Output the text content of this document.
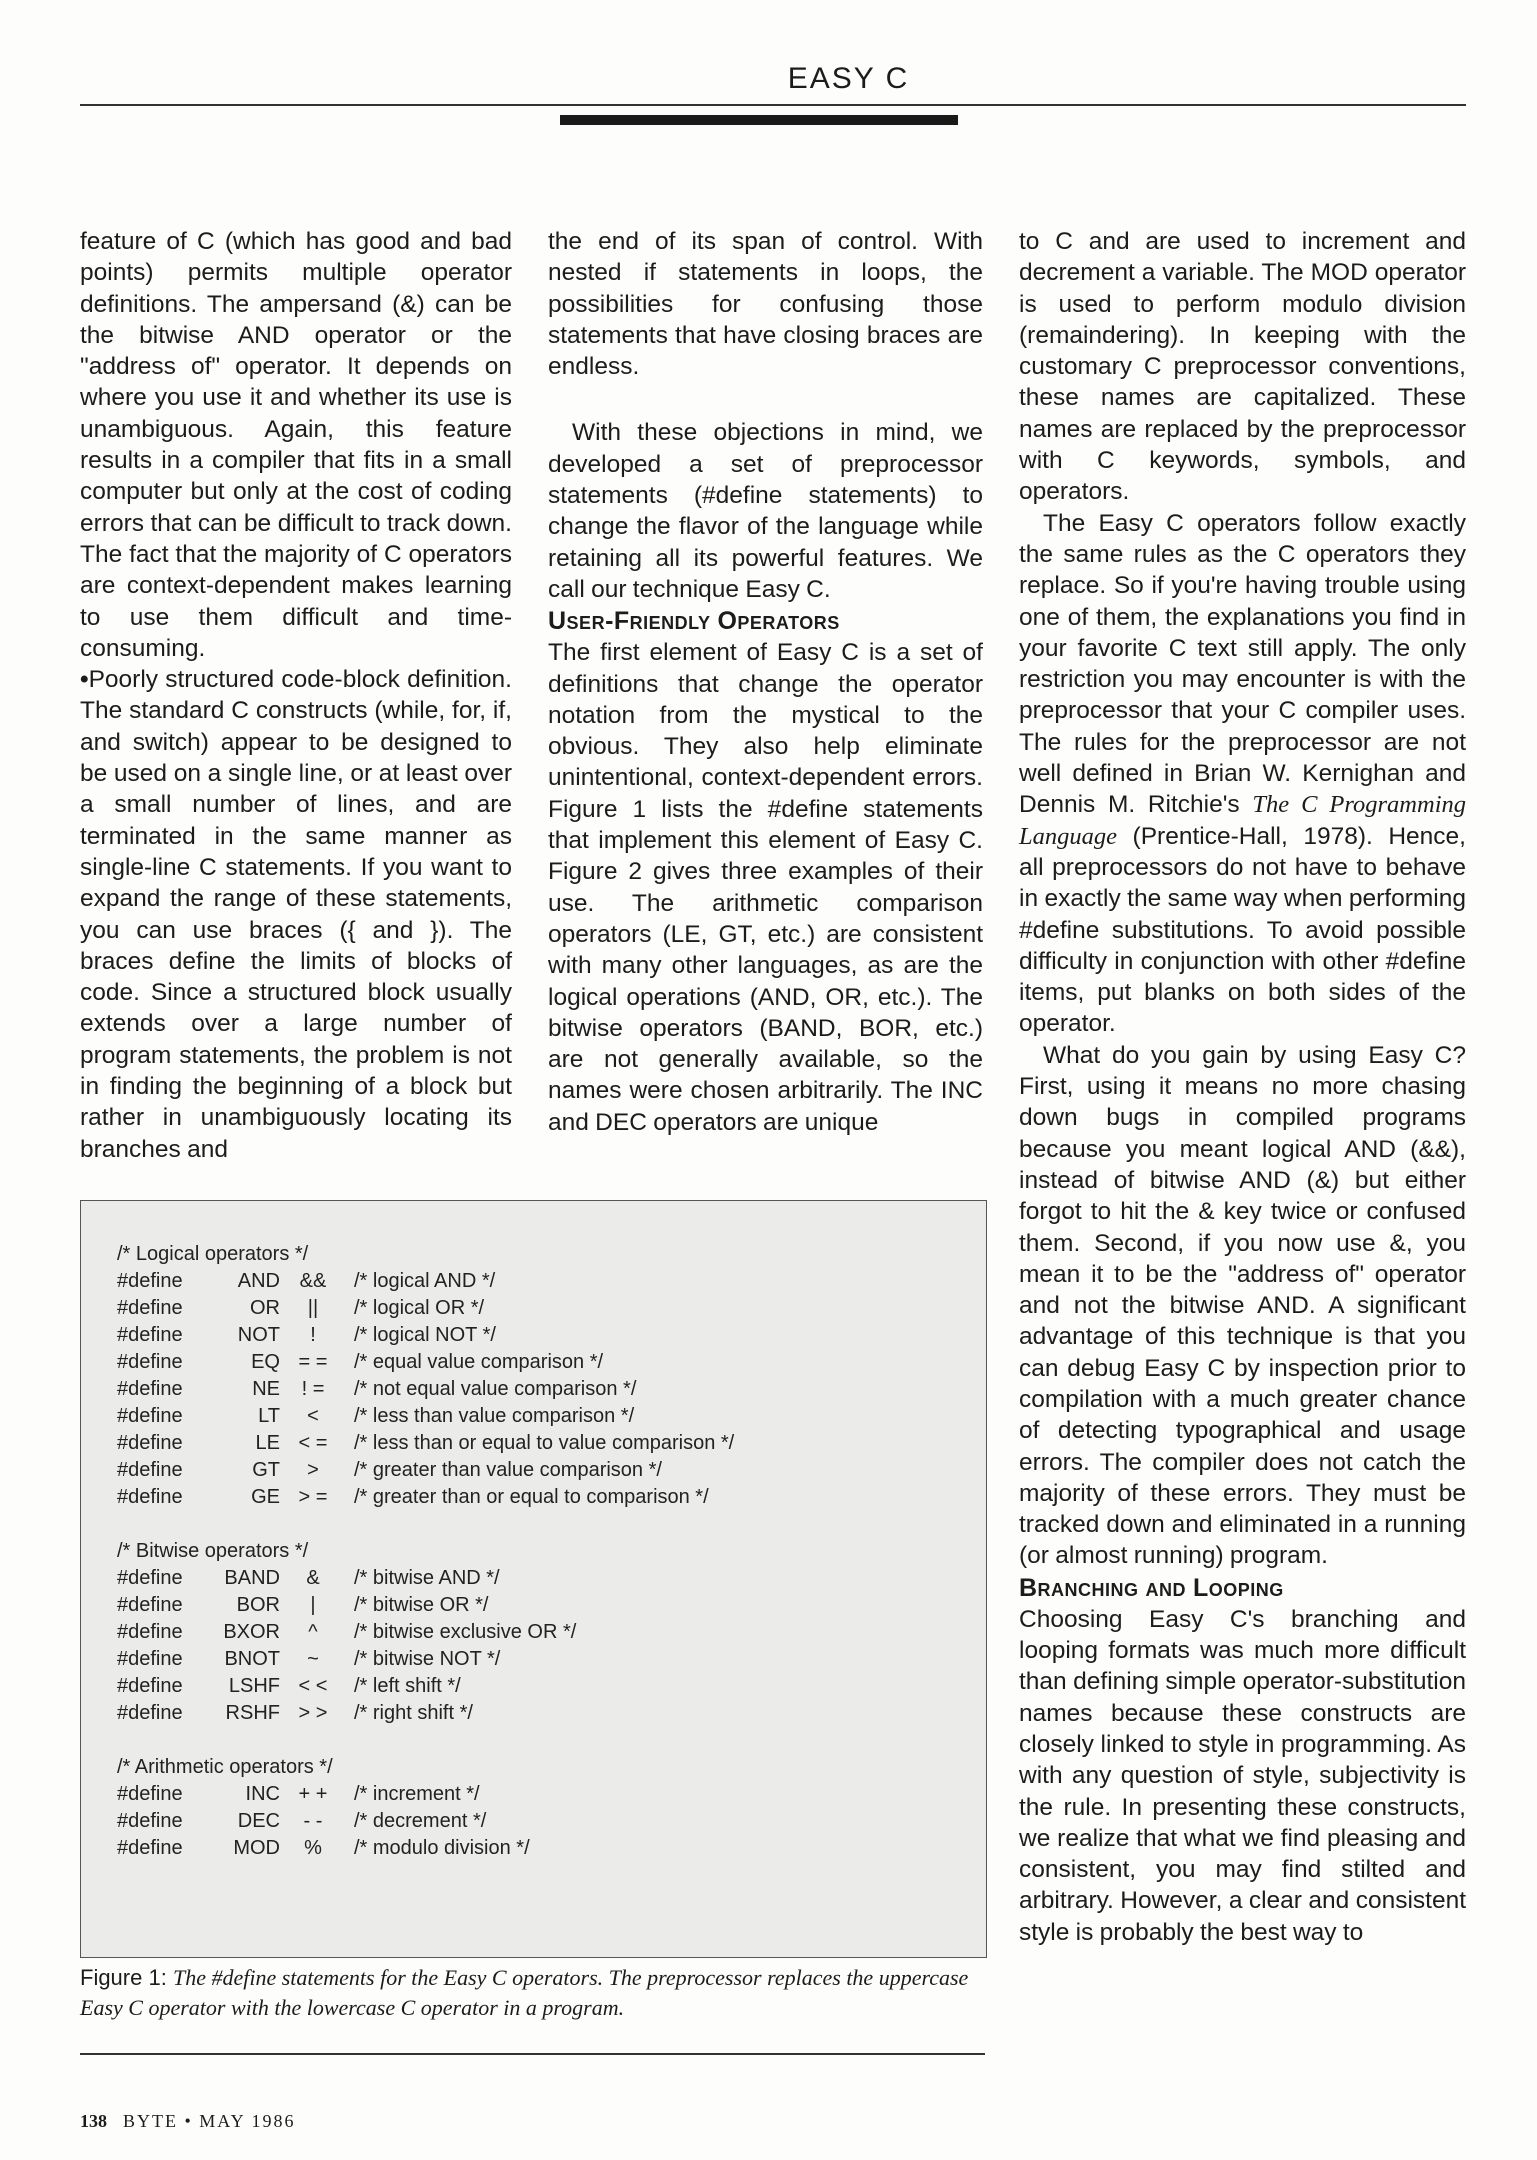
EASY C

feature of C (which has good and bad points) permits multiple operator definitions. The ampersand (&) can be the bitwise AND operator or the "address of" operator. It depends on where you use it and whether its use is unambiguous. Again, this feature results in a compiler that fits in a small computer but only at the cost of coding errors that can be difficult to track down. The fact that the majority of C operators are context-dependent makes learning to use them difficult and time-consuming.

• Poorly structured code-block definition. The standard C constructs (while, for, if, and switch) appear to be designed to be used on a single line, or at least over a small number of lines, and are terminated in the same manner as single-line C statements. If you want to expand the range of these statements, you can use braces ({ and }). The braces define the limits of blocks of code. Since a structured block usually extends over a large number of program statements, the problem is not in finding the beginning of a block but rather in unambiguously locating its branches and

the end of its span of control. With nested if statements in loops, the possibilities for confusing those statements that have closing braces are endless.

With these objections in mind, we developed a set of preprocessor statements (#define statements) to change the flavor of the language while retaining all its powerful features. We call our technique Easy C.

User-Friendly Operators

The first element of Easy C is a set of definitions that change the operator notation from the mystical to the obvious. They also help eliminate unintentional, context-dependent errors. Figure 1 lists the #define statements that implement this element of Easy C. Figure 2 gives three examples of their use. The arithmetic comparison operators (LE, GT, etc.) are consistent with many other languages, as are the logical operations (AND, OR, etc.). The bitwise operators (BAND, BOR, etc.) are not generally available, so the names were chosen arbitrarily. The INC and DEC operators are unique

to C and are used to increment and decrement a variable. The MOD operator is used to perform modulo division (remaindering). In keeping with the customary C preprocessor conventions, these names are capitalized. These names are replaced by the preprocessor with C keywords, symbols, and operators.

The Easy C operators follow exactly the same rules as the C operators they replace. So if you're having trouble using one of them, the explanations you find in your favorite C text still apply. The only restriction you may encounter is with the preprocessor that your C compiler uses. The rules for the preprocessor are not well defined in Brian W. Kernighan and Dennis M. Ritchie's The C Programming Language (Prentice-Hall, 1978). Hence, all preprocessors do not have to behave in exactly the same way when performing #define substitutions. To avoid possible difficulty in conjunction with other #define items, put blanks on both sides of the operator.

What do you gain by using Easy C? First, using it means no more chasing down bugs in compiled programs because you meant logical AND (&&), instead of bitwise AND (&) but either forgot to hit the & key twice or confused them. Second, if you now use &, you mean it to be the "address of" operator and not the bitwise AND. A significant advantage of this technique is that you can debug Easy C by inspection prior to compilation with a much greater chance of detecting typographical and usage errors. The compiler does not catch the majority of these errors. They must be tracked down and eliminated in a running (or almost running) program.

Branching and Looping

Choosing Easy C's branching and looping formats was much more difficult than defining simple operator-substitution names because these constructs are closely linked to style in programming. As with any question of style, subjectivity is the rule. In presenting these constructs, we realize that what we find pleasing and consistent, you may find stilted and arbitrary. However, a clear and consistent style is probably the best way to

/* Logical operators */
#define	AND &&	/* logical AND */
#define	OR	||	/* logical OR */
#define	NOT	!	/* logical NOT */
#define	EQ = =	/* equal value comparison */
#define	NE	! =	/* not equal value comparison */
#define	LT	<	/* less than value comparison */
#define	LE < =	/* less than or equal to value comparison */
#define	GT	>	/* greater than value comparison */
#define	GE > =	/* greater than or equal to comparison */
/* Bitwise operators */
#define	BAND	&	/* bitwise AND */
#define	BOR	|	/* bitwise OR */
#define	BXOR	^	/* bitwise exclusive OR */
#define	BNOT	~	/* bitwise NOT */
#define	LSHF < <	/* left shift */
#define	RSHF > >	/* right shift */
/* Arithmetic operators */
#define	INC + +	/* increment */
#define	DEC	- -	/* decrement */
#define	MOD	%	/* modulo division */
Figure 1: The #define statements for the Easy C operators. The preprocessor replaces the uppercase Easy C operator with the lowercase C operator in a program.
138 BYTE • MAY 1986
